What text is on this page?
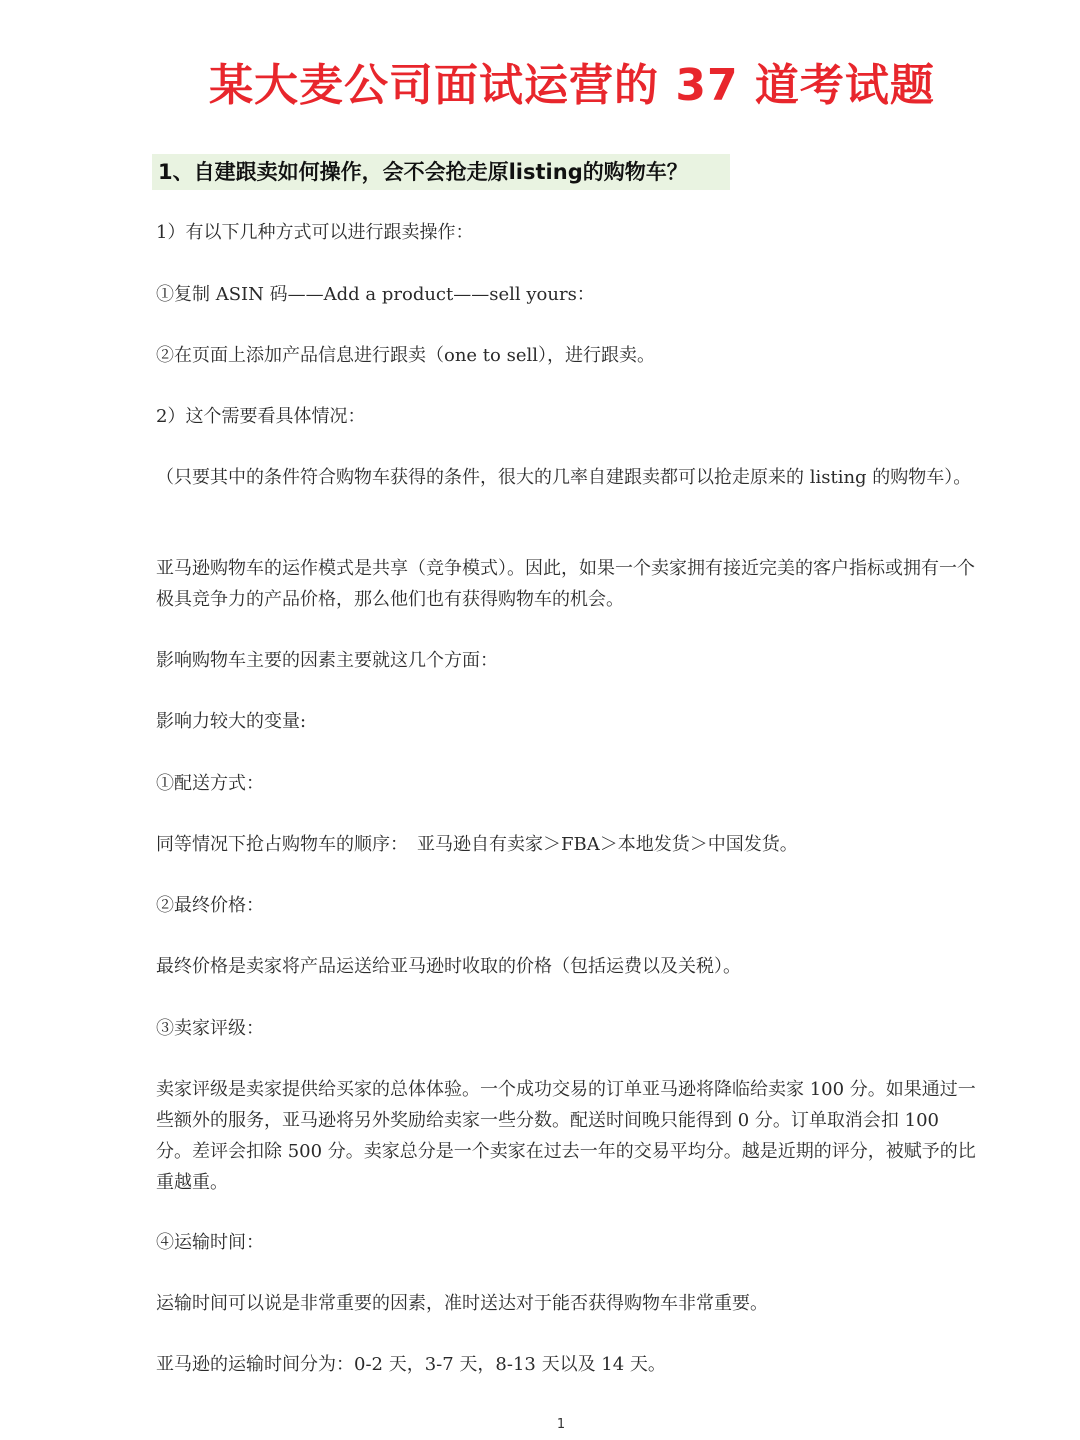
某大麦公司面试运营的 37 道考试题
1、自建跟卖如何操作，会不会抢走原listing的购物车？

1）有以下几种方式可以进行跟卖操作：

①复制 ASIN 码——Add a product——sell yours：

②在页面上添加产品信息进行跟卖（one to sell），进行跟卖。

2）这个需要看具体情况：

（只要其中的条件符合购物车获得的条件，很大的几率自建跟卖都可以抢走原来的 listing 的购物车）。

亚马逊购物车的运作模式是共享（竞争模式）。因此，如果一个卖家拥有接近完美的客户指标或拥有一个极具竞争力的产品价格，那么他们也有获得购物车的机会。

影响购物车主要的因素主要就这几个方面：

影响力较大的变量:

①配送方式：

同等情况下抢占购物车的顺序：　亚马逊自有卖家＞FBA＞本地发货＞中国发货。

②最终价格：

最终价格是卖家将产品运送给亚马逊时收取的价格（包括运费以及关税）。

③卖家评级：

卖家评级是卖家提供给买家的总体体验。一个成功交易的订单亚马逊将降临给卖家 100 分。如果通过一些额外的服务，亚马逊将另外奖励给卖家一些分数。配送时间晚只能得到 0 分。订单取消会扣 100 分。差评会扣除 500 分。卖家总分是一个卖家在过去一年的交易平均分。越是近期的评分，被赋予的比重越重。

④运输时间：

运输时间可以说是非常重要的因素，准时送达对于能否获得购物车非常重要。

亚马逊的运输时间分为：0-2 天，3-7 天，8-13 天以及 14 天。

1
